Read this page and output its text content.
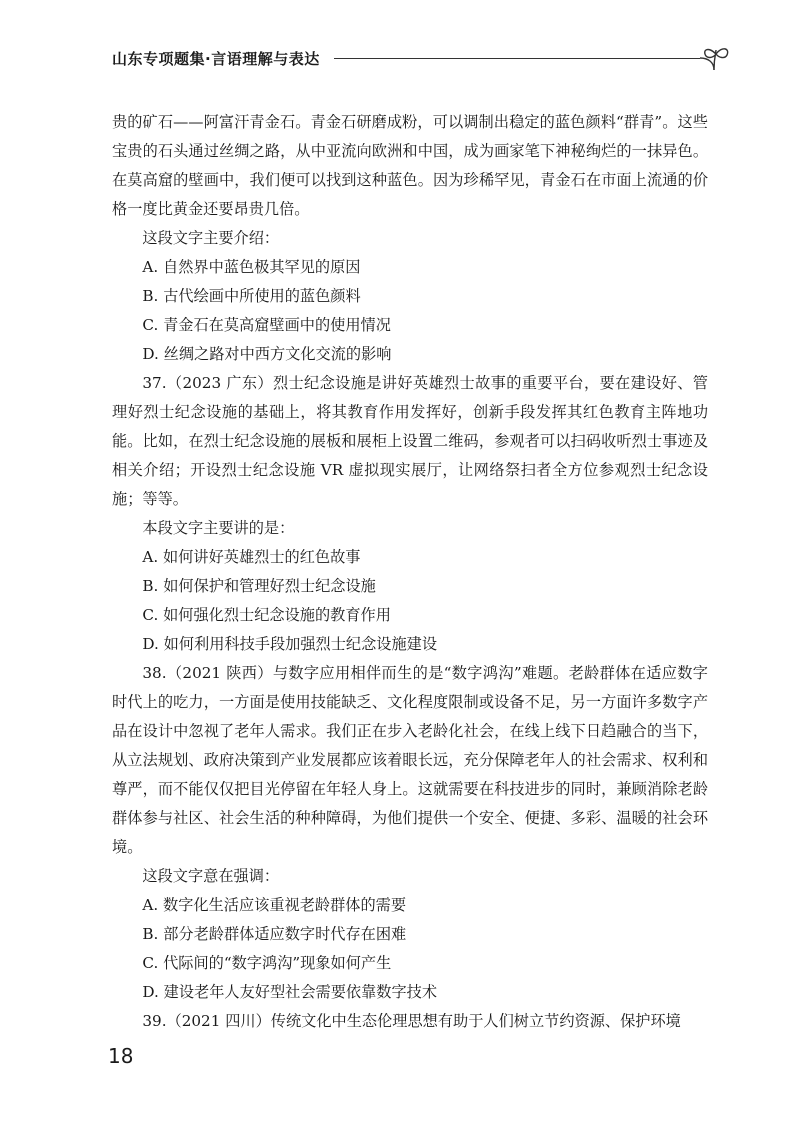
山东专项题集·言语理解与表达

贵的矿石——阿富汗青金石。青金石研磨成粉，可以调制出稳定的蓝色颜料“群青”。这些宝贵的石头通过丝绸之路，从中亚流向欧洲和中国，成为画家笔下神秘绚烂的一抹异色。在莫高窟的壁画中，我们便可以找到这种蓝色。因为珍稀罕见，青金石在市面上流通的价格一度比黄金还要昂贵几倍。

这段文字主要介绍：

A. 自然界中蓝色极其罕见的原因

B. 古代绘画中所使用的蓝色颜料

C. 青金石在莫高窟壁画中的使用情况

D. 丝绸之路对中西方文化交流的影响

37.（2023 广东）烈士纪念设施是讲好英雄烈士故事的重要平台，要在建设好、管理好烈士纪念设施的基础上，将其教育作用发挥好，创新手段发挥其红色教育主阵地功能。比如，在烈士纪念设施的展板和展柜上设置二维码，参观者可以扫码收听烈士事迹及相关介绍；开设烈士纪念设施 VR 虚拟现实展厅，让网络祭扫者全方位参观烈士纪念设施；等等。

本段文字主要讲的是：

A. 如何讲好英雄烈士的红色故事

B. 如何保护和管理好烈士纪念设施

C. 如何强化烈士纪念设施的教育作用

D. 如何利用科技手段加强烈士纪念设施建设

38.（2021 陕西）与数字应用相伴而生的是“数字鸿沟”难题。老龄群体在适应数字时代上的吃力，一方面是使用技能缺乏、文化程度限制或设备不足，另一方面许多数字产品在设计中忽视了老年人需求。我们正在步入老龄化社会，在线上线下日趋融合的当下，从立法规划、政府决策到产业发展都应该着眼长远，充分保障老年人的社会需求、权利和尊严，而不能仅仅把目光停留在年轻人身上。这就需要在科技进步的同时，兼顾消除老龄群体参与社区、社会生活的种种障碍，为他们提供一个安全、便捷、多彩、温暖的社会环境。

这段文字意在强调：

A. 数字化生活应该重视老龄群体的需要

B. 部分老龄群体适应数字时代存在困难

C. 代际间的“数字鸿沟”现象如何产生

D. 建设老年人友好型社会需要依靠数字技术

39.（2021 四川）传统文化中生态伦理思想有助于人们树立节约资源、保护环境

18
